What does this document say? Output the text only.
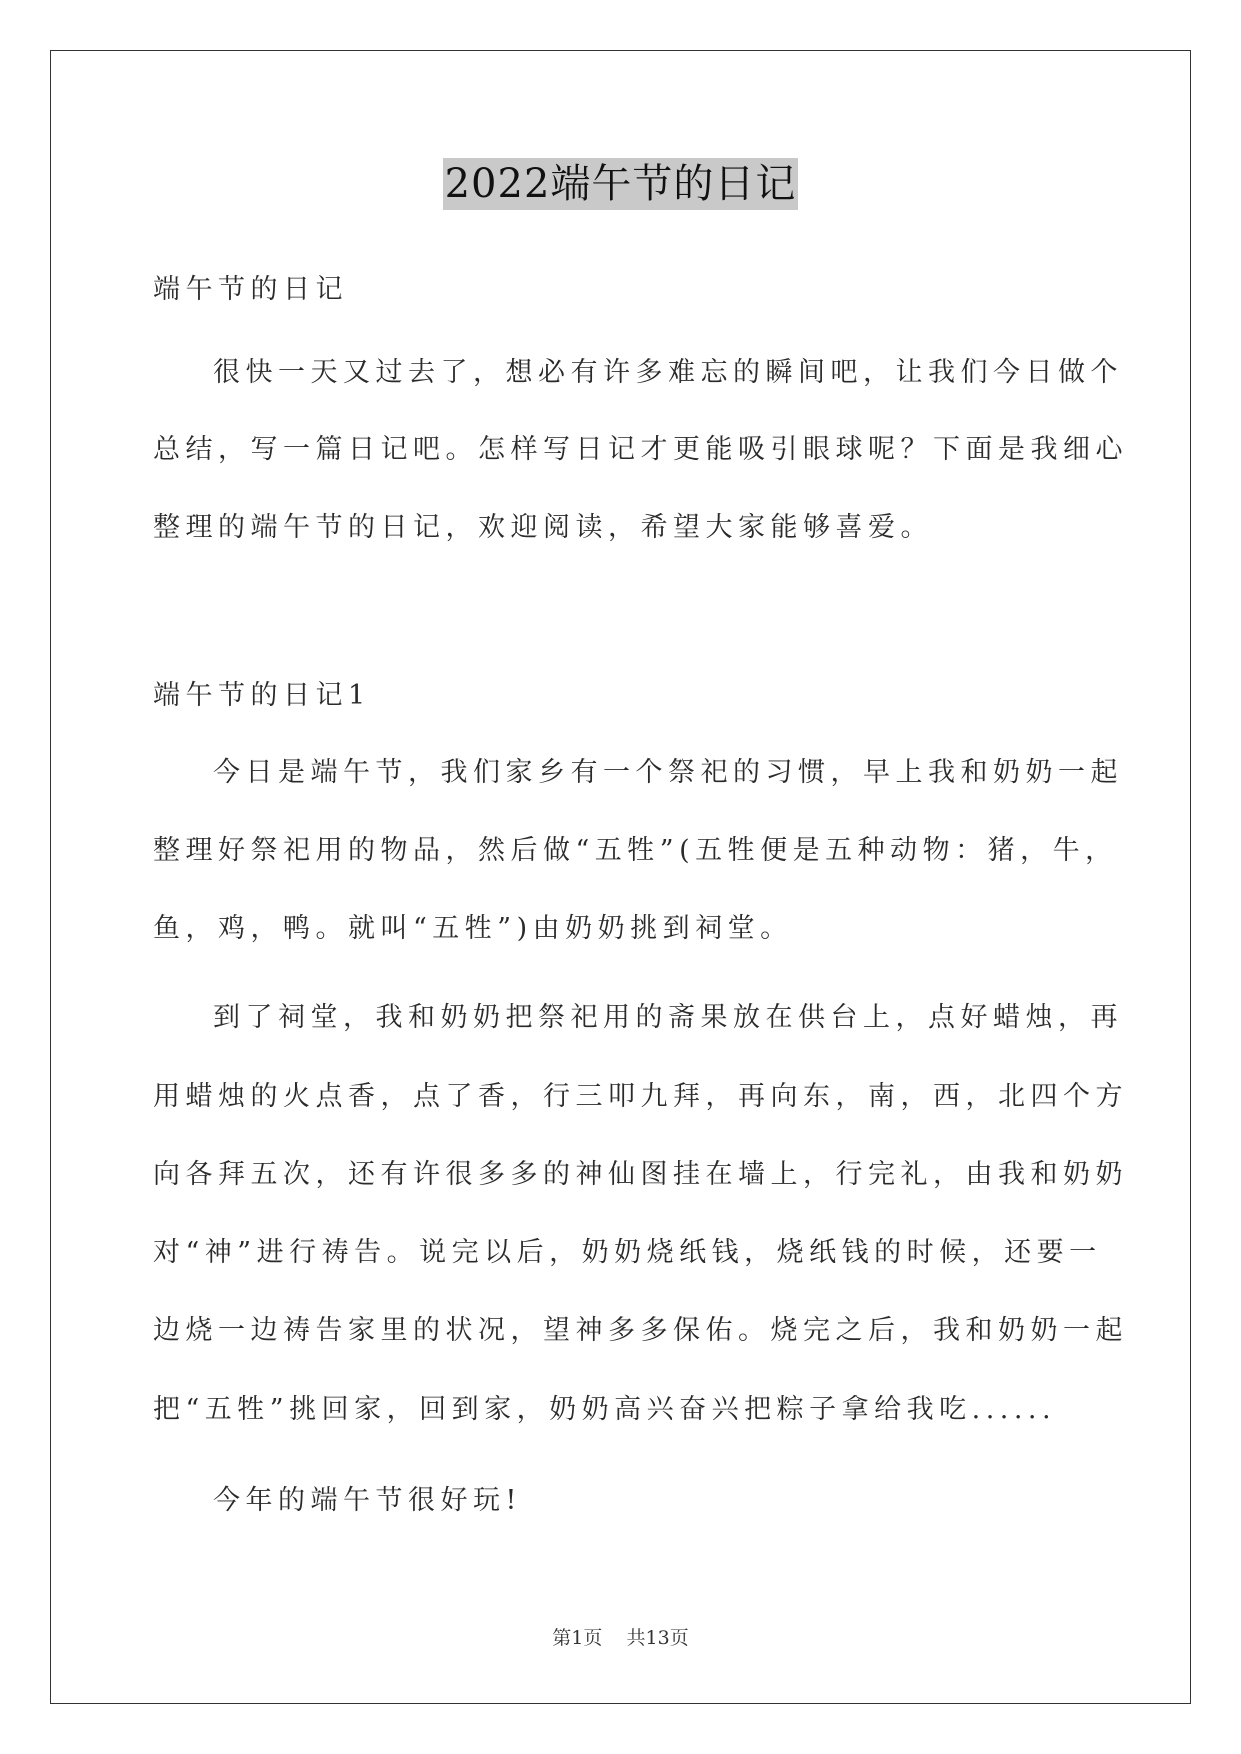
2022端午节的日记
端午节的日记
很快一天又过去了，想必有许多难忘的瞬间吧，让我们今日做个
总结，写一篇日记吧。怎样写日记才更能吸引眼球呢？下面是我细心
整理的端午节的日记，欢迎阅读，希望大家能够喜爱。
端午节的日记1
今日是端午节，我们家乡有一个祭祀的习惯，早上我和奶奶一起
整理好祭祀用的物品，然后做“五牲”(五牲便是五种动物：猪，牛，
鱼，鸡，鸭。就叫“五牲”)由奶奶挑到祠堂。
到了祠堂，我和奶奶把祭祀用的斋果放在供台上，点好蜡烛，再
用蜡烛的火点香，点了香，行三叩九拜，再向东，南，西，北四个方
向各拜五次，还有许很多多的神仙图挂在墙上，行完礼，由我和奶奶
对“神”进行祷告。说完以后，奶奶烧纸钱，烧纸钱的时候，还要一
边烧一边祷告家里的状况，望神多多保佑。烧完之后，我和奶奶一起
把“五牲”挑回家，回到家，奶奶高兴奋兴把粽子拿给我吃......
今年的端午节很好玩!
第1页 共13页
